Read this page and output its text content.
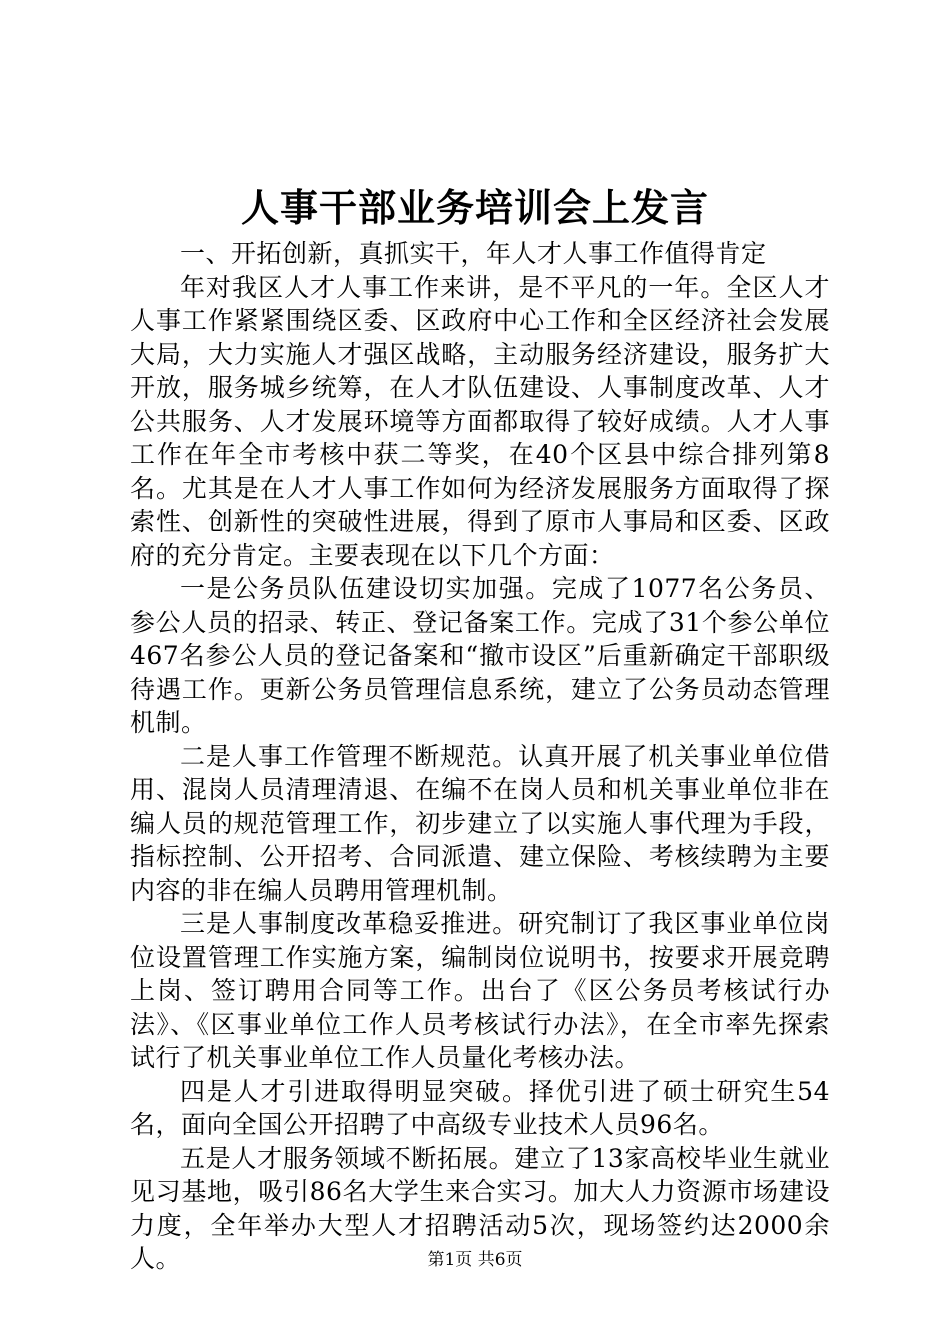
人事干部业务培训会上发言

一、开拓创新，真抓实干，年人才人事工作值得肯定

年对我区人才人事工作来讲，是不平凡的一年。全区人才人事工作紧紧围绕区委、区政府中心工作和全区经济社会发展大局，大力实施人才强区战略，主动服务经济建设，服务扩大开放，服务城乡统筹，在人才队伍建设、人事制度改革、人才公共服务、人才发展环境等方面都取得了较好成绩。人才人事工作在年全市考核中获二等奖，在40个区县中综合排列第8名。尤其是在人才人事工作如何为经济发展服务方面取得了探索性、创新性的突破性进展，得到了原市人事局和区委、区政府的充分肯定。主要表现在以下几个方面：

一是公务员队伍建设切实加强。完成了1077名公务员、参公人员的招录、转正、登记备案工作。完成了31个参公单位467名参公人员的登记备案和“撤市设区”后重新确定干部职级待遇工作。更新公务员管理信息系统，建立了公务员动态管理机制。

二是人事工作管理不断规范。认真开展了机关事业单位借用、混岗人员清理清退、在编不在岗人员和机关事业单位非在编人员的规范管理工作，初步建立了以实施人事代理为手段，指标控制、公开招考、合同派遣、建立保险、考核续聘为主要内容的非在编人员聘用管理机制。

三是人事制度改革稳妥推进。研究制订了我区事业单位岗位设置管理工作实施方案，编制岗位说明书，按要求开展竞聘上岗、签订聘用合同等工作。出台了《区公务员考核试行办法》、《区事业单位工作人员考核试行办法》，在全市率先探索试行了机关事业单位工作人员量化考核办法。

四是人才引进取得明显突破。择优引进了硕士研究生54名，面向全国公开招聘了中高级专业技术人员96名。

五是人才服务领域不断拓展。建立了13家高校毕业生就业见习基地，吸引86名大学生来合实习。加大人力资源市场建设力度，全年举办大型人才招聘活动5次，现场签约达2000余人。	第1页 共6页
